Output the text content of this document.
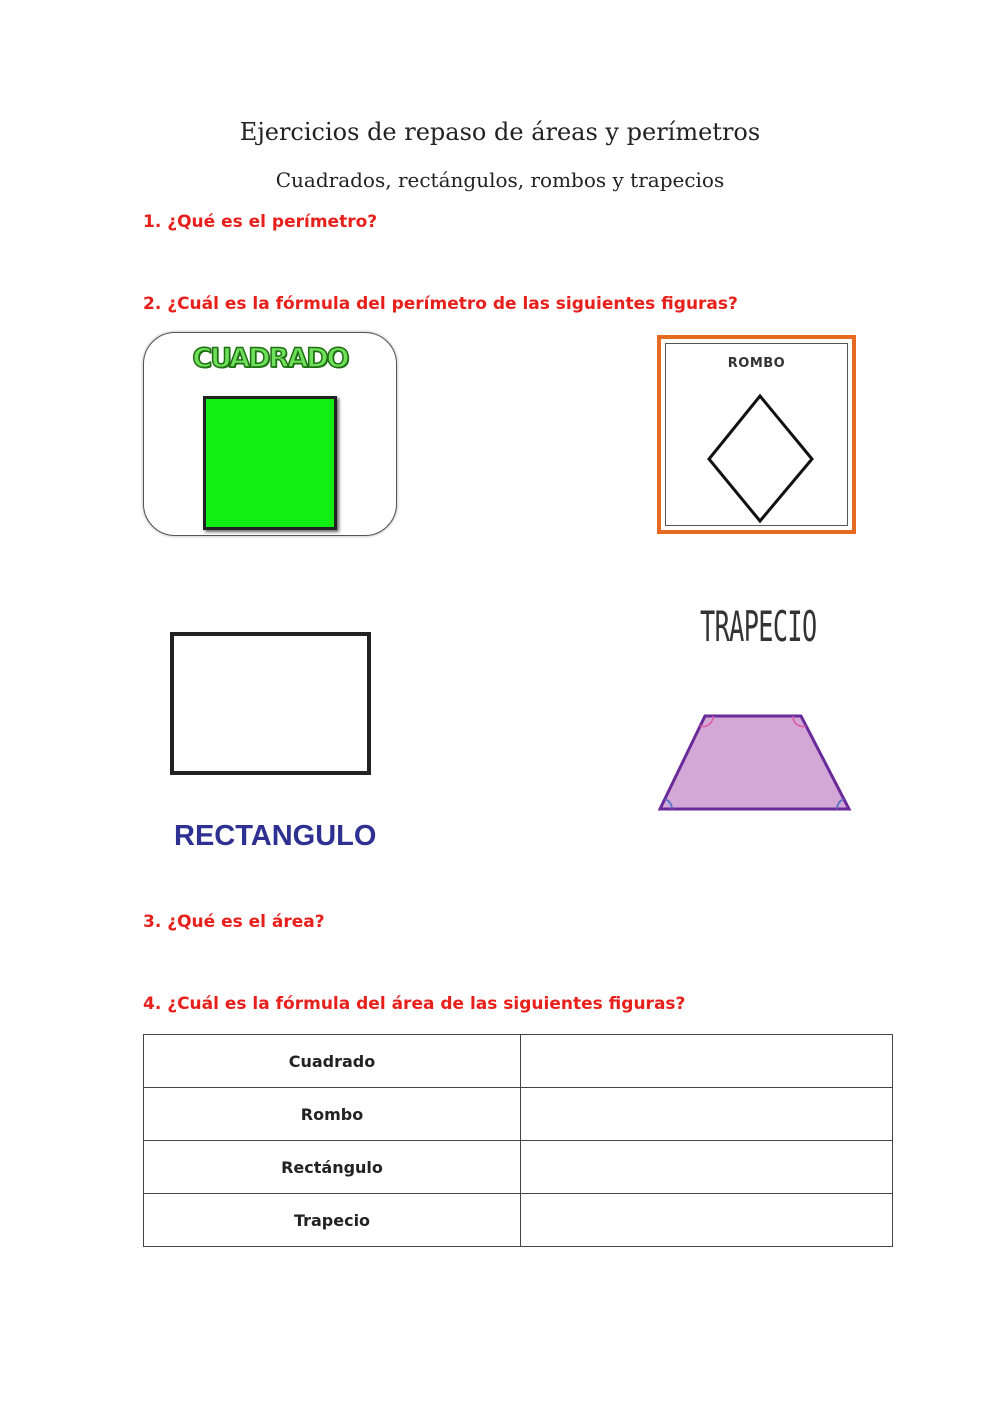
Ejercicios de repaso de áreas y perímetros
Cuadrados, rectángulos, rombos y trapecios
1. ¿Qué es el perímetro?
2. ¿Cuál es la fórmula del perímetro de las siguientes figuras?
CUADRADO	ROMBO
RECTANGULO
TRAPECIO
3. ¿Qué es el área?
4. ¿Cuál es la fórmula del área de las siguientes figuras?
Cuadrado	
Rombo	
Rectángulo	
Trapecio	
